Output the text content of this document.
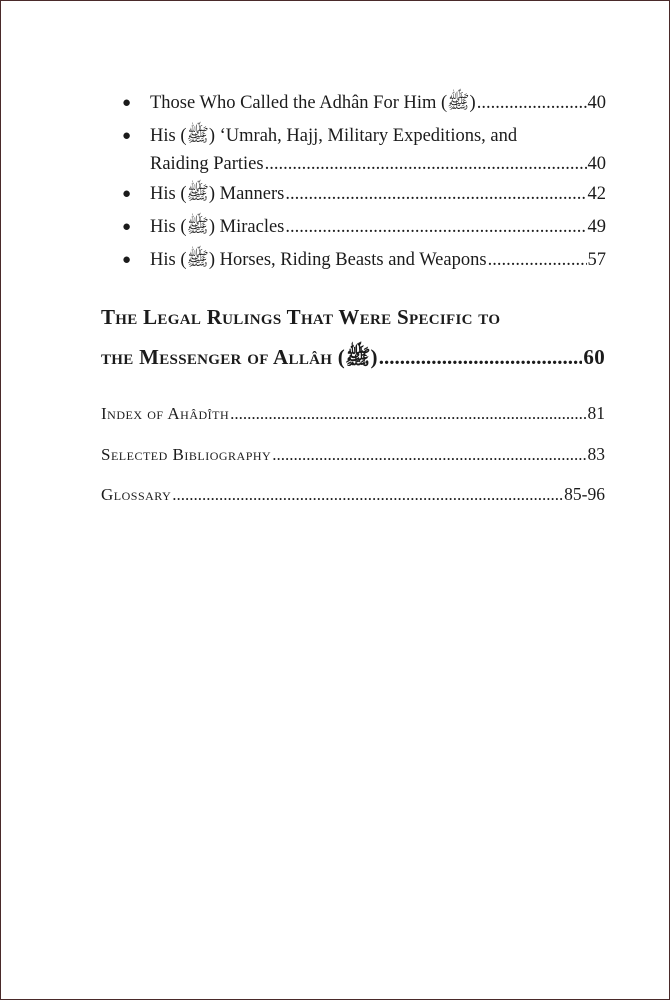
●	Those Who Called the Adhân For Him (ﷺ) .....	40
●	His (ﷺ) ‘Umrah, Hajj, Military Expeditions, and
Raiding Parties .....	40
●	His (ﷺ) Manners .....	42
●	His (ﷺ) Miracles .....	49
●	His (ﷺ) Horses, Riding Beasts and Weapons .....	57
The Legal Rulings That Were Specific to
the Messenger of Allâh (ﷺ) .....	60
Index of Ahâdîth .....	81
Selected Bibliography .....	83
Glossary .....	85-96
